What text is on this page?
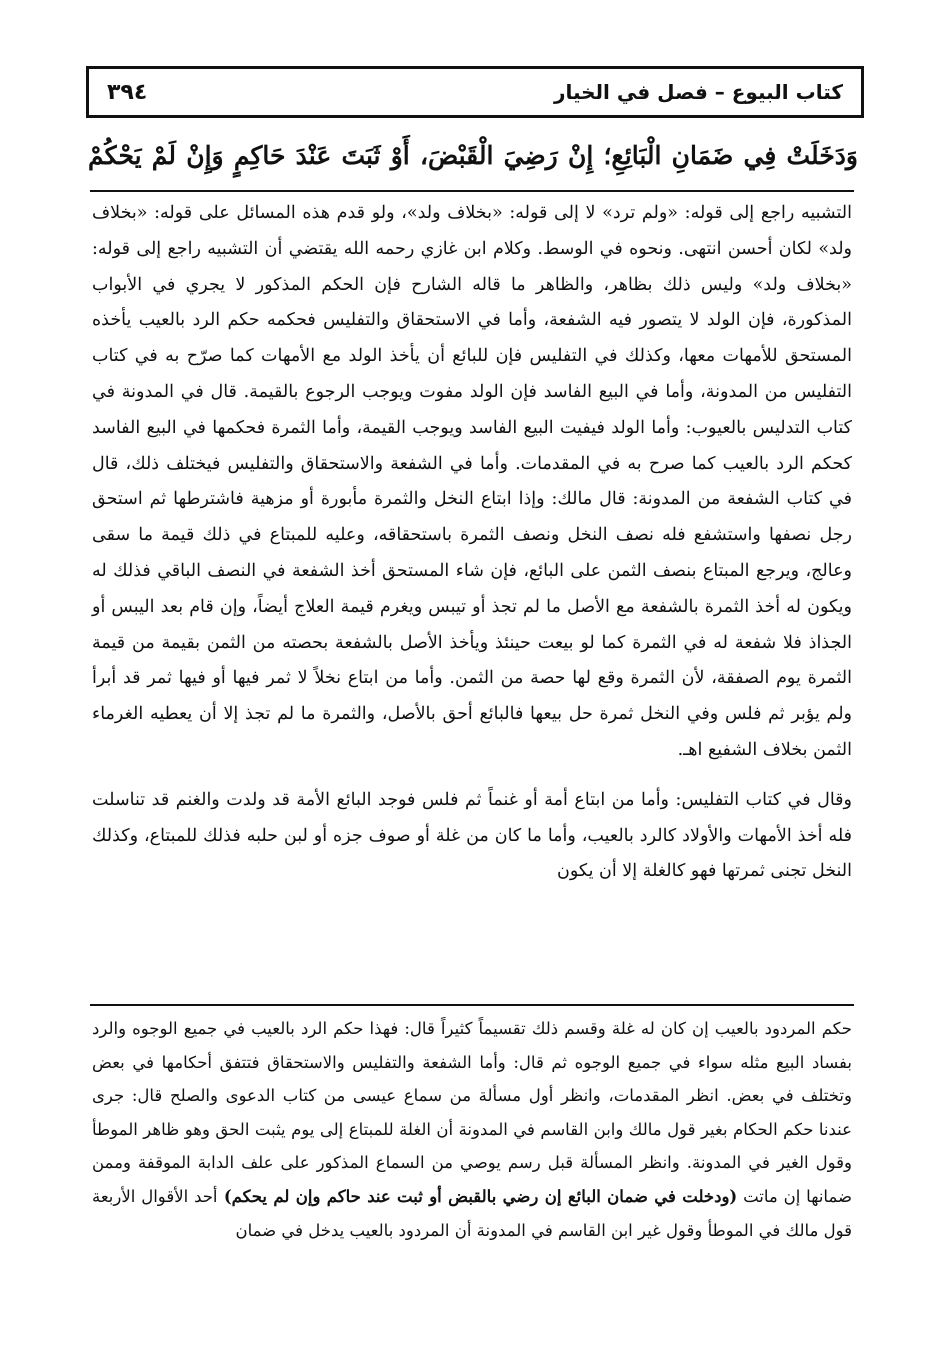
كتاب البيوع – فصل في الخيار
٣٩٤
وَدَخَلَتْ فِي ضَمَانِ الْبَائِعِ؛ إِنْ رَضِيَ الْقَبْضَ، أَوْ ثَبَتَ عَنْدَ حَاكِمٍ وَإِنْ لَمْ يَحْكُمْ

التشبيه راجع إلى قوله: «ولم ترد» لا إلى قوله: «بخلاف ولد»، ولو قدم هذه المسائل على قوله: «بخلاف ولد» لكان أحسن انتهى. ونحوه في الوسط. وكلام ابن غازي رحمه الله يقتضي أن التشبيه راجع إلى قوله: «بخلاف ولد» وليس ذلك بظاهر، والظاهر ما قاله الشارح فإن الحكم المذكور لا يجري في الأبواب المذكورة، فإن الولد لا يتصور فيه الشفعة، وأما في الاستحقاق والتفليس فحكمه حكم الرد بالعيب يأخذه المستحق للأمهات معها، وكذلك في التفليس فإن للبائع أن يأخذ الولد مع الأمهات كما صرّح به في كتاب التفليس من المدونة، وأما في البيع الفاسد فإن الولد مفوت ويوجب الرجوع بالقيمة. قال في المدونة في كتاب التدليس بالعيوب: وأما الولد فيفيت البيع الفاسد ويوجب القيمة، وأما الثمرة فحكمها في البيع الفاسد كحكم الرد بالعيب كما صرح به في المقدمات. وأما في الشفعة والاستحقاق والتفليس فيختلف ذلك، قال في كتاب الشفعة من المدونة: قال مالك: وإذا ابتاع النخل والثمرة مأبورة أو مزهية فاشترطها ثم استحق رجل نصفها واستشفع فله نصف النخل ونصف الثمرة باستحقاقه، وعليه للمبتاع في ذلك قيمة ما سقى وعالج، ويرجع المبتاع بنصف الثمن على البائع، فإن شاء المستحق أخذ الشفعة في النصف الباقي فذلك له ويكون له أخذ الثمرة بالشفعة مع الأصل ما لم تجذ أو تيبس ويغرم قيمة العلاج أيضاً، وإن قام بعد اليبس أو الجذاذ فلا شفعة له في الثمرة كما لو بيعت حينئذ ويأخذ الأصل بالشفعة بحصته من الثمن بقيمة من قيمة الثمرة يوم الصفقة، لأن الثمرة وقع لها حصة من الثمن. وأما من ابتاع نخلاً لا ثمر فيها أو فيها ثمر قد أبرأ ولم يؤبر ثم فلس وفي النخل ثمرة حل بيعها فالبائع أحق بالأصل، والثمرة ما لم تجذ إلا أن يعطيه الغرماء الثمن بخلاف الشفيع اهـ.

وقال في كتاب التفليس: وأما من ابتاع أمة أو غنماً ثم فلس فوجد البائع الأمة قد ولدت والغنم قد تناسلت فله أخذ الأمهات والأولاد كالرد بالعيب، وأما ما كان من غلة أو صوف جزه أو لبن حلبه فذلك للمبتاع، وكذلك النخل تجنى ثمرتها فهو كالغلة إلا أن يكون

حكم المردود بالعيب إن كان له غلة وقسم ذلك تقسيماً كثيراً قال: فهذا حكم الرد بالعيب في جميع الوجوه والرد بفساد البيع مثله سواء في جميع الوجوه ثم قال: وأما الشفعة والتفليس والاستحقاق فتتفق أحكامها في بعض وتختلف في بعض. انظر المقدمات، وانظر أول مسألة من سماع عيسى من كتاب الدعوى والصلح قال: جرى عندنا حكم الحكام بغير قول مالك وابن القاسم في المدونة أن الغلة للمبتاع إلى يوم يثبت الحق وهو ظاهر الموطأ وقول الغير في المدونة. وانظر المسألة قبل رسم يوصي من السماع المذكور على علف الدابة الموقفة وممن ضمانها إن ماتت (ودخلت في ضمان البائع إن رضي بالقبض أو ثبت عند حاكم وإن لم يحكم) أحد الأقوال الأربعة قول مالك في الموطأ وقول غير ابن القاسم في المدونة أن المردود بالعيب يدخل في ضمان
